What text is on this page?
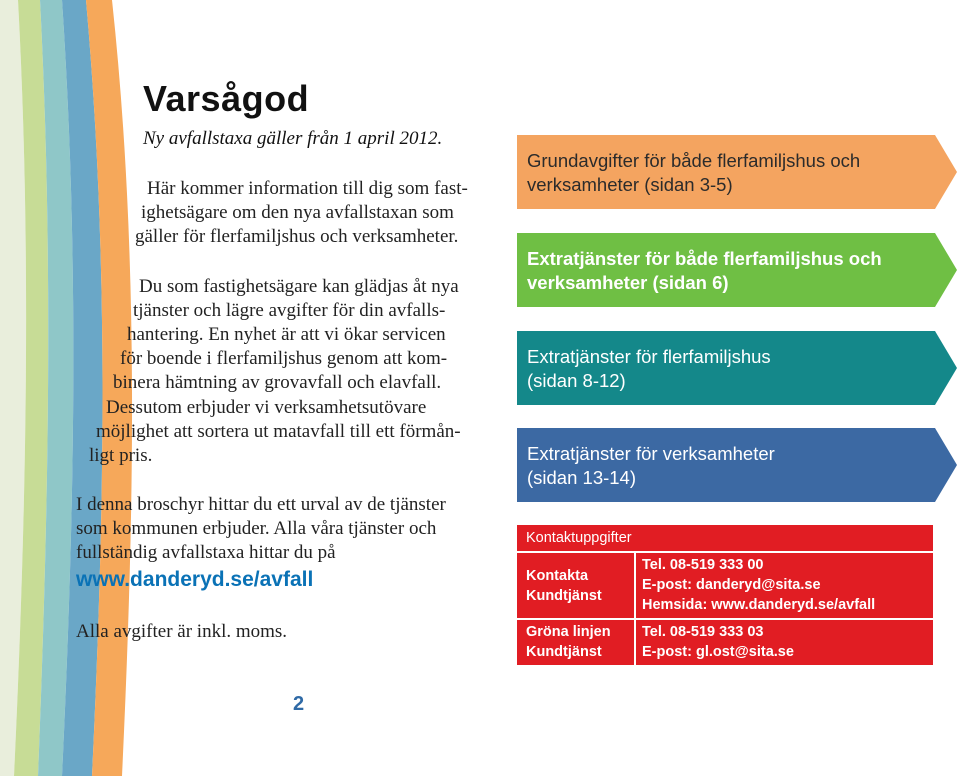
Varsågod
Ny avfallstaxa gäller från 1 april 2012.
Här kommer information till dig som fast-
ighetsägare om den nya avfallstaxan som
gäller för flerfamiljshus och verksamheter.
Du som fastighetsägare kan glädjas åt nya
tjänster och lägre avgifter för din avfalls-
hantering. En nyhet är att vi ökar servicen
för boende i flerfamiljshus genom att kom-
binera hämtning av grovavfall och elavfall.
Dessutom erbjuder vi verksamhetsutövare
möjlighet att sortera ut matavfall till ett förmån-
ligt pris.
I denna broschyr hittar du ett urval av de tjänster
som kommunen erbjuder. Alla våra tjänster och
fullständig avfallstaxa hittar du på
www.danderyd.se/avfall
Alla avgifter är inkl. moms.
Grundavgifter för både flerfamiljshus och
verksamheter (sidan 3-5)
Extratjänster för både flerfamiljshus och
verksamheter (sidan 6)
Extratjänster för flerfamiljshus
(sidan 8-12)
Extratjänster för verksamheter
(sidan 13-14)
Kontaktuppgifter
Kontakta
Kundtjänst
Tel. 08-519 333 00
E-post: danderyd@sita.se
Hemsida: www.danderyd.se/avfall
Gröna linjen
Kundtjänst
Tel. 08-519 333 03
E-post: gl.ost@sita.se
2
